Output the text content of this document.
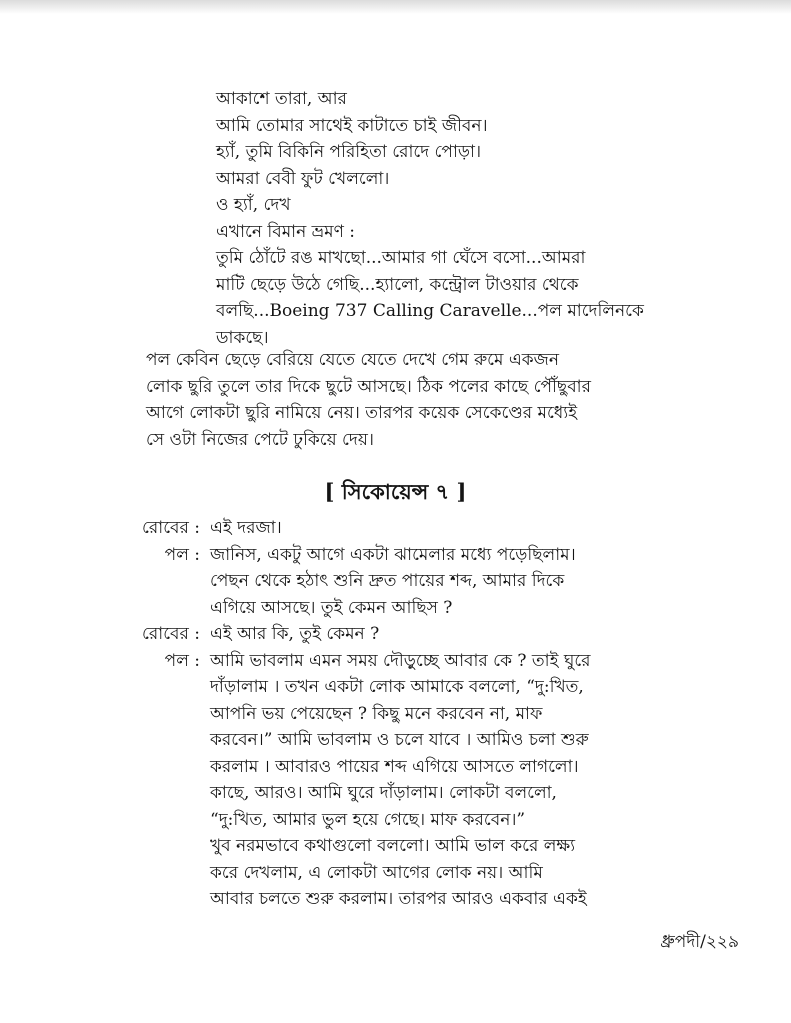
আকাশে তারা, আর
আমি তোমার সাথেই কাটাতে চাই জীবন।
হ্যাঁ, তুমি বিকিনি পরিহিতা রোদে পোড়া।
আমরা বেবী ফুট খেললো।
ও হ্যাঁ, দেখ
এখানে বিমান ভ্রমণ :
তুমি ঠোঁটে রঙ মাখছো...আমার গা ঘেঁসে বসো...আমরা
মাটি ছেড়ে উঠে গেছি...হ্যালো, কন্ট্রোল টাওয়ার থেকে
বলছি...Boeing 737 Calling Caravelle...পল মাদেলিনকে
ডাকছে।
পল কেবিন ছেড়ে বেরিয়ে যেতে যেতে দেখে গেম রুমে একজন
লোক ছুরি তুলে তার দিকে ছুটে আসছে। ঠিক পলের কাছে পৌঁছুবার
আগে লোকটা ছুরি নামিয়ে নেয়। তারপর কয়েক সেকেণ্ডের মধ্যেই
সে ওটা নিজের পেটে ঢুকিয়ে দেয়।
[ সিকোয়েন্স ৭ ]
রোবের : এই দরজা।
পল : জানিস, একটু আগে একটা ঝামেলার মধ্যে পড়েছিলাম।
পেছন থেকে হঠাৎ শুনি দ্রুত পায়ের শব্দ, আমার দিকে
এগিয়ে আসছে। তুই কেমন আছিস ?
রোবের : এই আর কি, তুই কেমন ?
পল : আমি ভাবলাম এমন সময় দৌড়ুচ্ছে আবার কে ? তাই ঘুরে
দাঁড়ালাম । তখন একটা লোক আমাকে বললো, “দু:খিত,
আপনি ভয় পেয়েছেন ? কিছু মনে করবেন না, মাফ
করবেন।” আমি ভাবলাম ও চলে যাবে । আমিও চলা শুরু
করলাম । আবারও পায়ের শব্দ এগিয়ে আসতে লাগলো।
কাছে, আরও। আমি ঘুরে দাঁড়ালাম। লোকটা বললো,
“দু:খিত, আমার ভুল হয়ে গেছে। মাফ করবেন।”
খুব নরমভাবে কথাগুলো বললো। আমি ভাল করে লক্ষ্য
করে দেখলাম, এ লোকটা আগের লোক নয়। আমি
আবার চলতে শুরু করলাম। তারপর আরও একবার একই
ধ্রুপদী/২২৯
